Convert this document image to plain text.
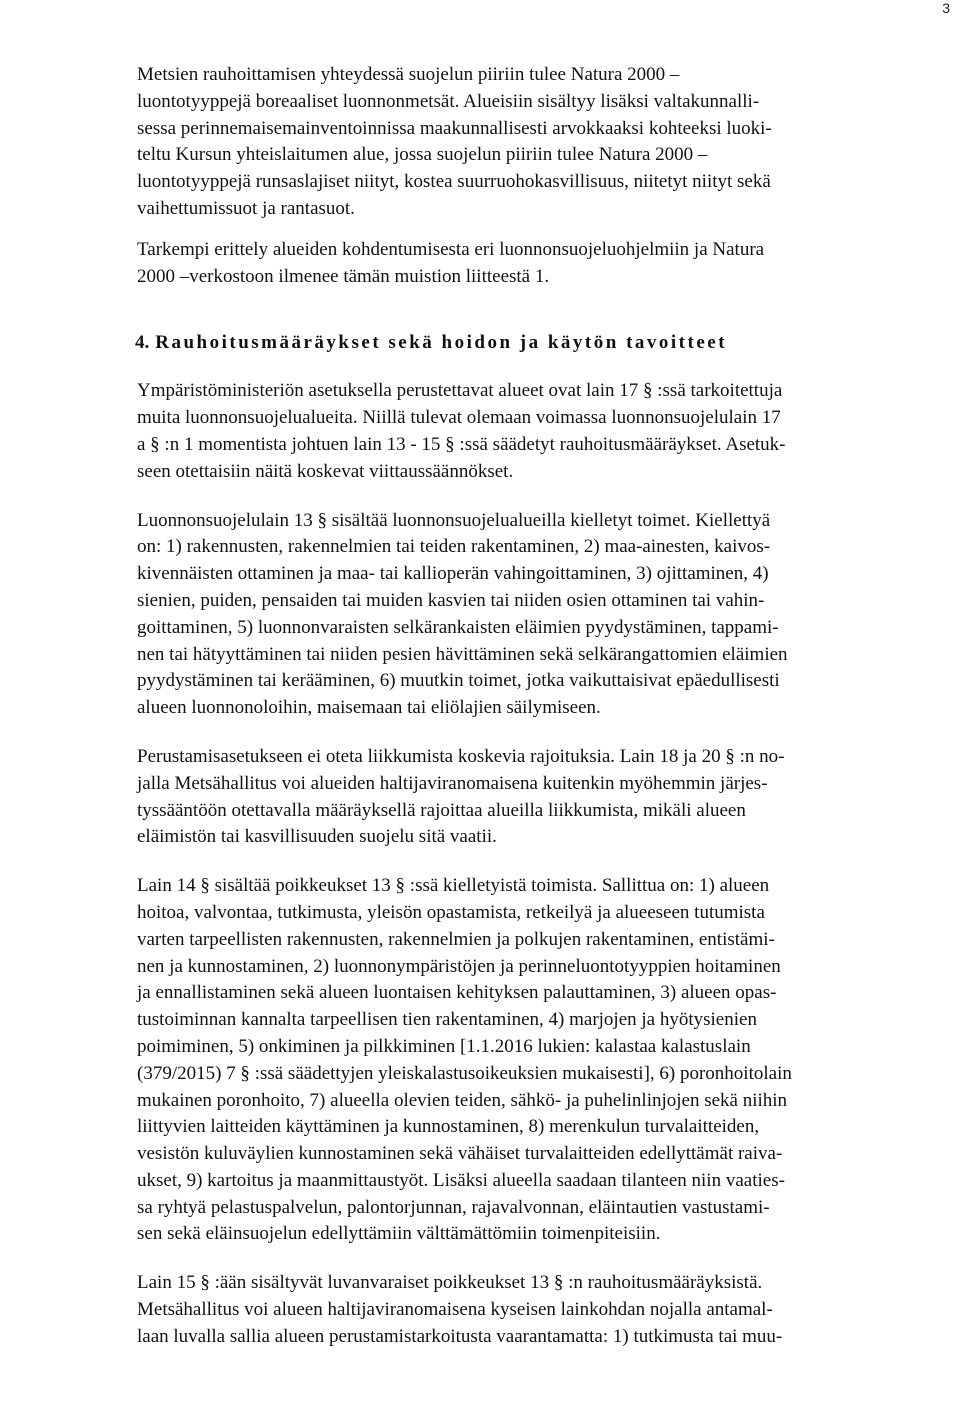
3

Metsien rauhoittamisen yhteydessä suojelun piiriin tulee Natura 2000 –
luontotyyppejä boreaaliset luonnonmetsät. Alueisiin sisältyy lisäksi valtakunnalli-
sessa perinnemaisemainventoinnissa maakunnallisesti arvokkaaksi kohteeksi luoki-
teltu Kursun yhteislaitumen alue, jossa suojelun piiriin tulee Natura 2000 –
luontotyyppejä runsaslajiset niityt, kostea suurruohokasvillisuus, niitetyt niityt sekä
vaihettumissuot ja rantasuot.

Tarkempi erittely alueiden kohdentumisesta eri luonnonsuojeluohjelmiin ja Natura
2000 –verkostoon ilmenee tämän muistion liitteestä 1.

4. Rauhoitusmääräykset sekä hoidon ja käytön tavoitteet

Ympäristöministeriön asetuksella perustettavat alueet ovat lain 17 § :ssä tarkoitettuja
muita luonnonsuojelualueita. Niillä tulevat olemaan voimassa luonnonsuojelulain 17
a § :n 1 momentista johtuen lain 13 - 15 § :ssä säädetyt rauhoitusmääräykset. Asetuk-
seen otettaisiin näitä koskevat viittaussäännökset.

Luonnonsuojelulain 13 § sisältää luonnonsuojelualueilla kielletyt toimet. Kiellettyä
on: 1) rakennusten, rakennelmien tai teiden rakentaminen, 2) maa-ainesten, kaivos-
kivennäisten ottaminen ja maa- tai kallioperän vahingoittaminen, 3) ojittaminen, 4)
sienien, puiden, pensaiden tai muiden kasvien tai niiden osien ottaminen tai vahin-
goittaminen, 5) luonnonvaraisten selkärankaisten eläimien pyydystäminen, tappami-
nen tai hätyyttäminen tai niiden pesien hävittäminen sekä selkärangattomien eläimien
pyydystäminen tai kerääminen, 6) muutkin toimet, jotka vaikuttaisivat epäedullisesti
alueen luonnonoloihin, maisemaan tai eliölajien säilymiseen.

Perustamisasetukseen ei oteta liikkumista koskevia rajoituksia. Lain 18 ja 20 § :n no-
jalla Metsähallitus voi alueiden haltijaviranomaisena kuitenkin myöhemmin järjes-
tyssääntöön otettavalla määräyksellä rajoittaa alueilla liikkumista, mikäli alueen
eläimistön tai kasvillisuuden suojelu sitä vaatii.

Lain 14 § sisältää poikkeukset 13 § :ssä kielletyistä toimista. Sallittua on: 1) alueen
hoitoa, valvontaa, tutkimusta, yleisön opastamista, retkeilyä ja alueeseen tutumista
varten tarpeellisten rakennusten, rakennelmien ja polkujen rakentaminen, entistämi-
nen ja kunnostaminen, 2) luonnonympäristöjen ja perinneluontotyyppien hoitaminen
ja ennallistaminen sekä alueen luontaisen kehityksen palauttaminen, 3) alueen opas-
tustoiminnan kannalta tarpeellisen tien rakentaminen, 4) marjojen ja hyötysienien
poimiminen, 5) onkiminen ja pilkkiminen [1.1.2016 lukien: kalastaa kalastuslain
(379/2015) 7 § :ssä säädettyjen yleiskalastusoikeuksien mukaisesti], 6) poronhoitolain
mukainen poronhoito, 7) alueella olevien teiden, sähkö- ja puhelinlinjojen sekä niihin
liittyvien laitteiden käyttäminen ja kunnostaminen, 8) merenkulun turvalaitteiden,
vesistön kuluväylien kunnostaminen sekä vähäiset turvalaitteiden edellyttämät raiva-
ukset, 9) kartoitus ja maanmittaustyöt. Lisäksi alueella saadaan tilanteen niin vaaties-
sa ryhtyä pelastuspalvelun, palontorjunnan, rajavalvonnan, eläintautien vastustami-
sen sekä eläinsuojelun edellyttämiin välttämättömiin toimenpiteisiin.

Lain 15 § :ään sisältyvät luvanvaraiset poikkeukset 13 § :n rauhoitusmääräyksistä.
Metsähallitus voi alueen haltijaviranomaisena kyseisen lainkohdan nojalla antamal-
laan luvalla sallia alueen perustamistarkoitusta vaarantamatta: 1) tutkimusta tai muu-
